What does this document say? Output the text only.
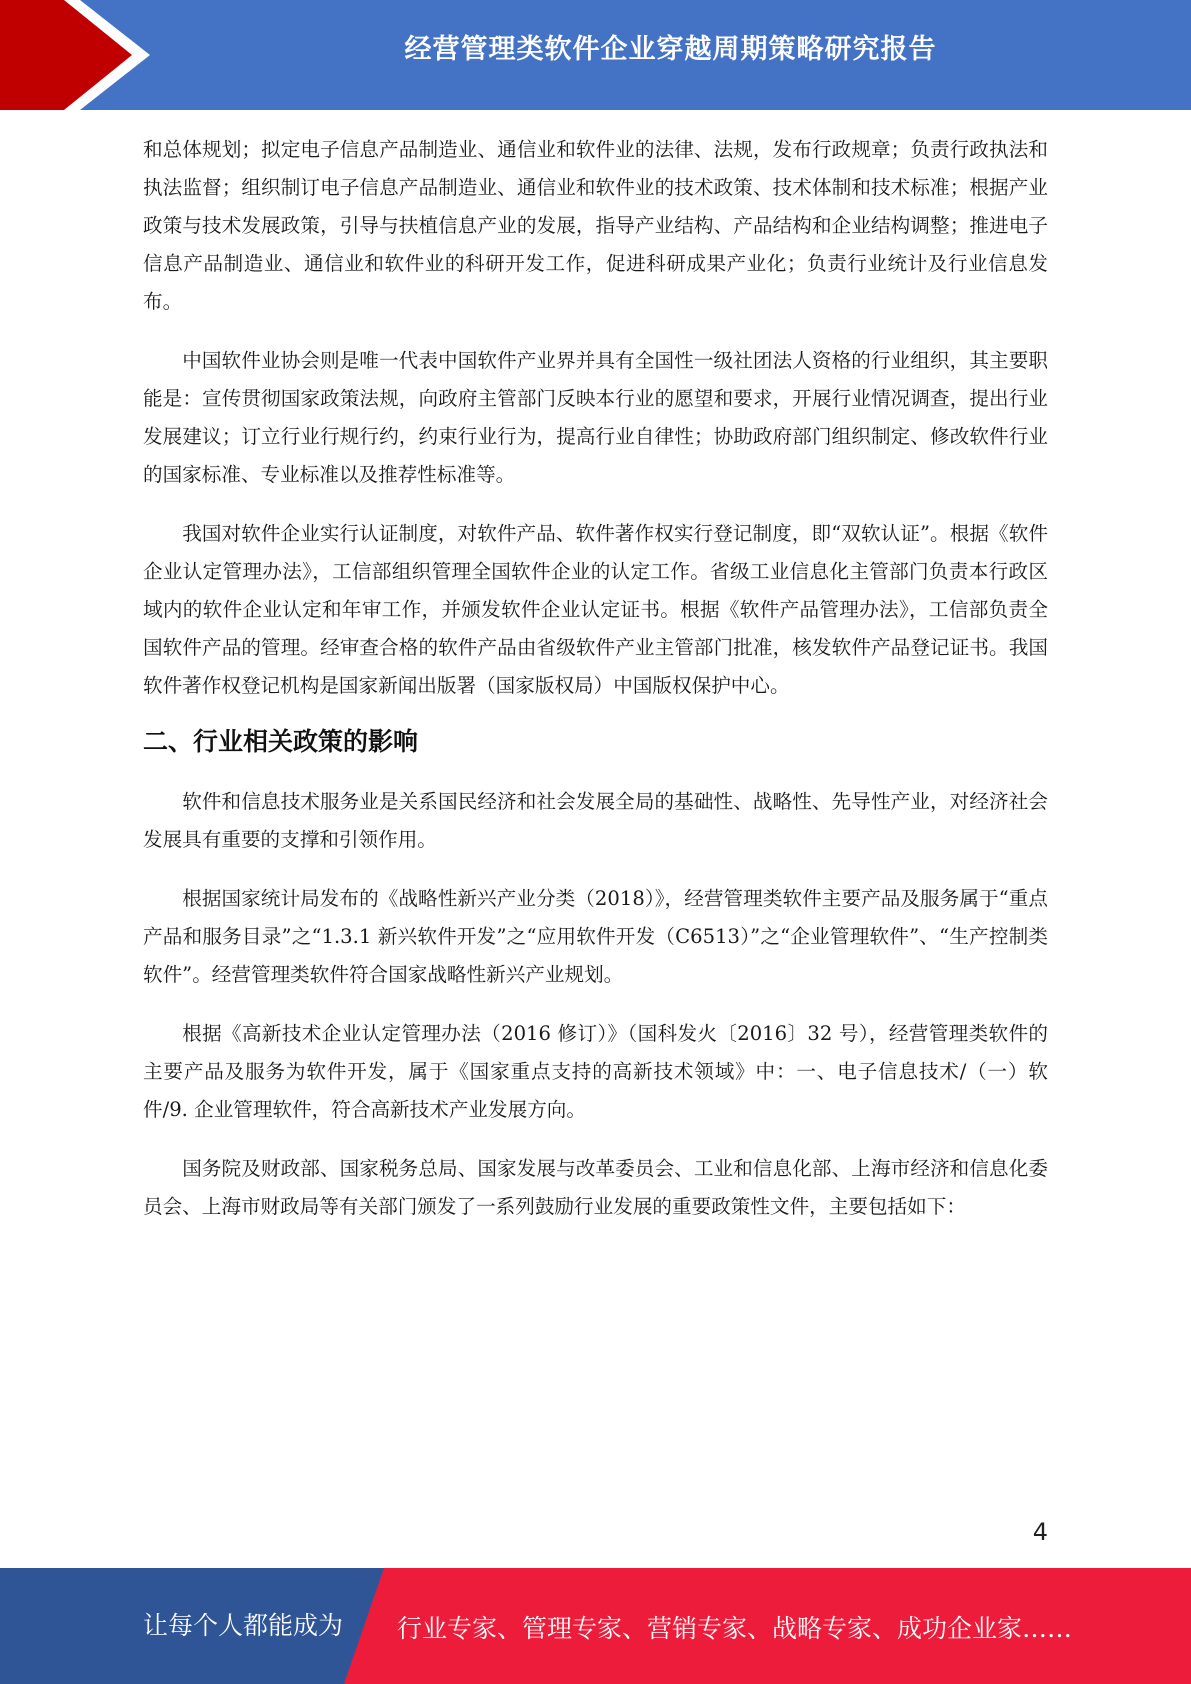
经营管理类软件企业穿越周期策略研究报告

和总体规划；拟定电子信息产品制造业、通信业和软件业的法律、法规，发布行政规章；负责行政执法和执法监督；组织制订电子信息产品制造业、通信业和软件业的技术政策、技术体制和技术标准；根据产业政策与技术发展政策，引导与扶植信息产业的发展，指导产业结构、产品结构和企业结构调整；推进电子信息产品制造业、通信业和软件业的科研开发工作，促进科研成果产业化；负责行业统计及行业信息发布。

中国软件业协会则是唯一代表中国软件产业界并具有全国性一级社团法人资格的行业组织，其主要职能是：宣传贯彻国家政策法规，向政府主管部门反映本行业的愿望和要求，开展行业情况调查，提出行业发展建议；订立行业行规行约，约束行业行为，提高行业自律性；协助政府部门组织制定、修改软件行业的国家标准、专业标准以及推荐性标准等。

我国对软件企业实行认证制度，对软件产品、软件著作权实行登记制度，即“双软认证”。根据《软件企业认定管理办法》，工信部组织管理全国软件企业的认定工作。省级工业信息化主管部门负责本行政区域内的软件企业认定和年审工作，并颁发软件企业认定证书。根据《软件产品管理办法》，工信部负责全国软件产品的管理。经审查合格的软件产品由省级软件产业主管部门批准，核发软件产品登记证书。我国软件著作权登记机构是国家新闻出版署（国家版权局）中国版权保护中心。

二、行业相关政策的影响

软件和信息技术服务业是关系国民经济和社会发展全局的基础性、战略性、先导性产业，对经济社会发展具有重要的支撑和引领作用。

根据国家统计局发布的《战略性新兴产业分类（2018）》，经营管理类软件主要产品及服务属于“重点产品和服务目录”之“1.3.1 新兴软件开发”之“应用软件开发（C6513）”之“企业管理软件”、“生产控制类软件”。经营管理类软件符合国家战略性新兴产业规划。

根据《高新技术企业认定管理办法（2016 修订）》（国科发火〔2016〕32 号），经营管理类软件的主要产品及服务为软件开发，属于《国家重点支持的高新技术领域》中：一、电子信息技术/（一）软件/9. 企业管理软件，符合高新技术产业发展方向。

国务院及财政部、国家税务总局、国家发展与改革委员会、工业和信息化部、上海市经济和信息化委员会、上海市财政局等有关部门颁发了一系列鼓励行业发展的重要政策性文件，主要包括如下：

4
让每个人都能成为 行业专家、管理专家、营销专家、战略专家、成功企业家……
